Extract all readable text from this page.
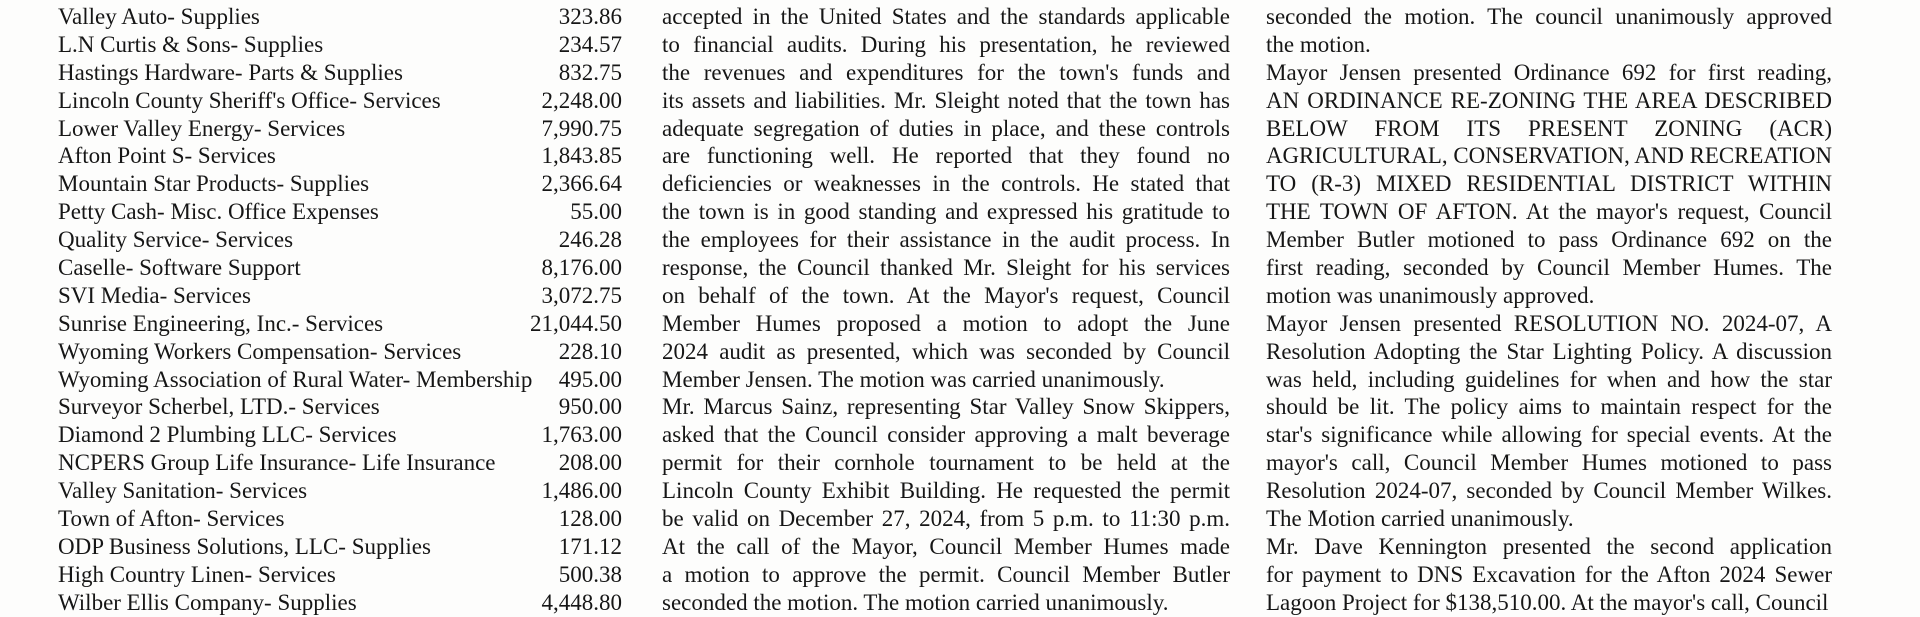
Valley Auto- Supplies	323.86
L.N Curtis & Sons- Supplies	234.57
Hastings Hardware- Parts & Supplies	832.75
Lincoln County Sheriff's Office- Services	2,248.00
Lower Valley Energy- Services	7,990.75
Afton Point S- Services	1,843.85
Mountain Star Products- Supplies	2,366.64
Petty Cash- Misc. Office Expenses	55.00
Quality Service- Services	246.28
Caselle- Software Support	8,176.00
SVI Media- Services	3,072.75
Sunrise Engineering, Inc.- Services	21,044.50
Wyoming Workers Compensation- Services	228.10
Wyoming Association of Rural Water- Membership 495.00
Surveyor Scherbel, LTD.- Services	950.00
Diamond 2 Plumbing LLC- Services	1,763.00
NCPERS Group Life Insurance- Life Insurance	208.00
Valley Sanitation- Services	1,486.00
Town of Afton- Services	128.00
ODP Business Solutions, LLC- Supplies	171.12
High Country Linen- Services	500.38
Wilber Ellis Company- Supplies	4,448.80
accepted in the United States and the standards applicable
to financial audits. During his presentation, he reviewed
the revenues and expenditures for the town's funds and
its assets and liabilities. Mr. Sleight noted that the town has
adequate segregation of duties in place, and these controls
are functioning well. He reported that they found no
deficiencies or weaknesses in the controls. He stated that
the town is in good standing and expressed his gratitude to
the employees for their assistance in the audit process. In
response, the Council thanked Mr. Sleight for his services
on behalf of the town. At the Mayor's request, Council
Member Humes proposed a motion to adopt the June
2024 audit as presented, which was seconded by Council
Member Jensen. The motion was carried unanimously.
Mr. Marcus Sainz, representing Star Valley Snow Skippers,
asked that the Council consider approving a malt beverage
permit for their cornhole tournament to be held at the
Lincoln County Exhibit Building. He requested the permit
be valid on December 27, 2024, from 5 p.m. to 11:30 p.m.
At the call of the Mayor, Council Member Humes made
a motion to approve the permit. Council Member Butler
seconded the motion. The motion carried unanimously.
seconded the motion. The council unanimously approved
the motion.
Mayor Jensen presented Ordinance 692 for first reading,
AN ORDINANCE RE-ZONING THE AREA DESCRIBED
BELOW FROM ITS PRESENT ZONING (ACR)
AGRICULTURAL, CONSERVATION, AND RECREATION
TO (R-3) MIXED RESIDENTIAL DISTRICT WITHIN
THE TOWN OF AFTON. At the mayor's request, Council
Member Butler motioned to pass Ordinance 692 on the
first reading, seconded by Council Member Humes. The
motion was unanimously approved.
Mayor Jensen presented RESOLUTION NO. 2024-07, A
Resolution Adopting the Star Lighting Policy. A discussion
was held, including guidelines for when and how the star
should be lit. The policy aims to maintain respect for the
star's significance while allowing for special events. At the
mayor's call, Council Member Humes motioned to pass
Resolution 2024-07, seconded by Council Member Wilkes.
The Motion carried unanimously.
Mr. Dave Kennington presented the second application
for payment to DNS Excavation for the Afton 2024 Sewer
Lagoon Project for $138,510.00. At the mayor's call, Council
